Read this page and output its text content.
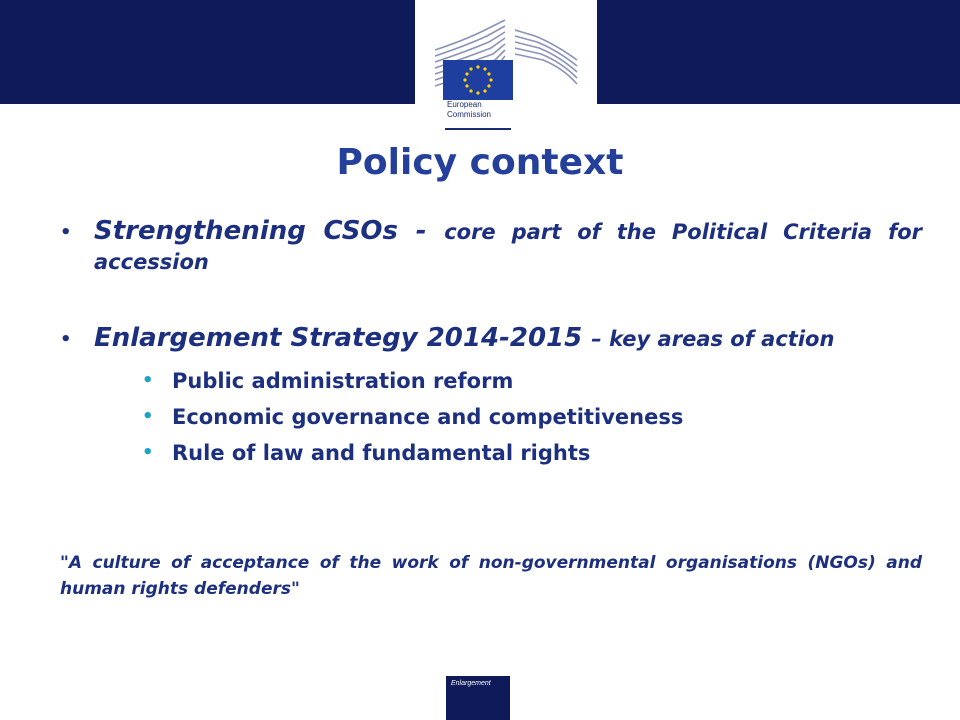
European
Commission
Policy context

• Strengthening CSOs - core part of the Political Criteria for accession

• Enlargement Strategy 2014-2015 – key areas of action

• Public administration reform
• Economic governance and competitiveness
• Rule of law and fundamental rights
"A culture of acceptance of the work of non-governmental organisations (NGOs) and human rights defenders"
Enlargement
